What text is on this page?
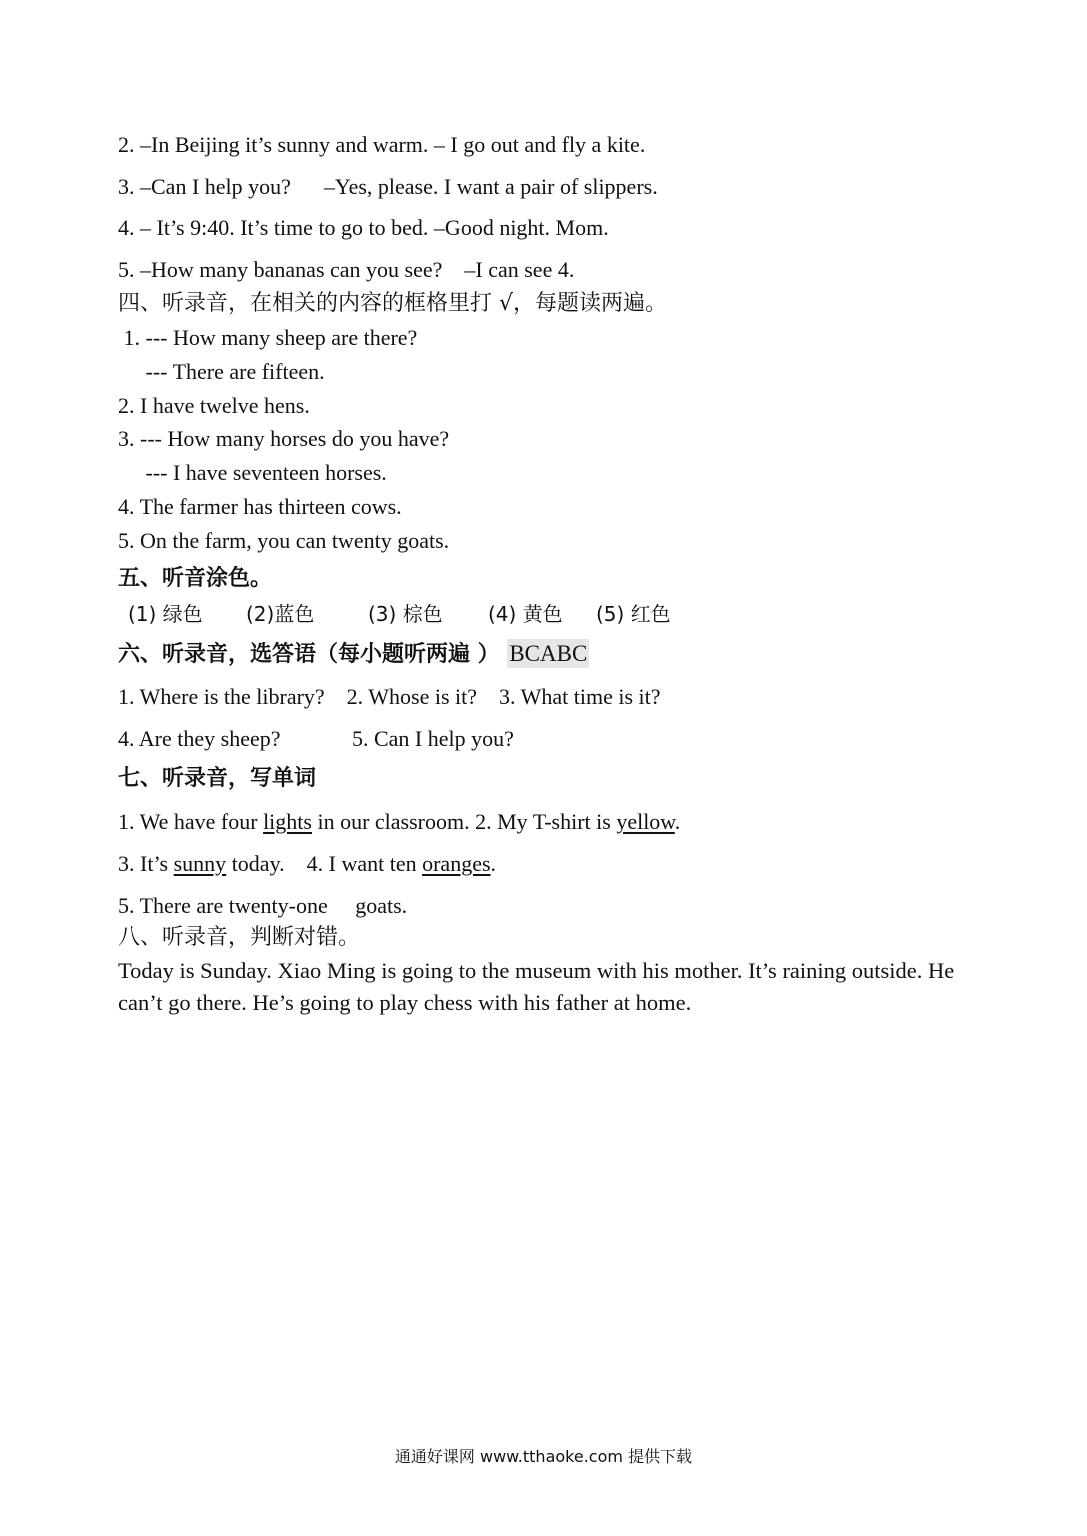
2. –In Beijing it’s sunny and warm. – I go out and fly a kite.
3. –Can I help you?      –Yes, please. I want a pair of slippers.
4. – It’s 9:40. It’s time to go to bed. –Good night. Mom.
5. –How many bananas can you see?    –I can see 4.
四、听录音，在相关的内容的框格里打 √，每题读两遍。
1. --- How many sheep are there?
--- There are fifteen.
2. I have twelve hens.
3. --- How many horses do you have?
--- I have seventeen horses.
4. The farmer has thirteen cows.
5. On the farm, you can twenty goats.
五、听音涂色。
(1) 绿色 (2)蓝色	(3) 棕色 (4) 黄色 (5) 红色
六、听录音，选答语（每小题听两遍 ） BCABC
1. Where is the library?    2. Whose is it?    3. What time is it?
4. Are they sheep?             5. Can I help you?
七、听录音，写单词
1. We have four lights in our classroom. 2. My T-shirt is yellow.
3. It’s sunny today.    4. I want ten oranges.
5. There are twenty-one     goats.
八、听录音，判断对错。
Today is Sunday. Xiao Ming is going to the museum with his mother. It’s raining outside. He can’t go there. He’s going to play chess with his father at home.
通通好课网 www.tthaoke.com 提供下载
